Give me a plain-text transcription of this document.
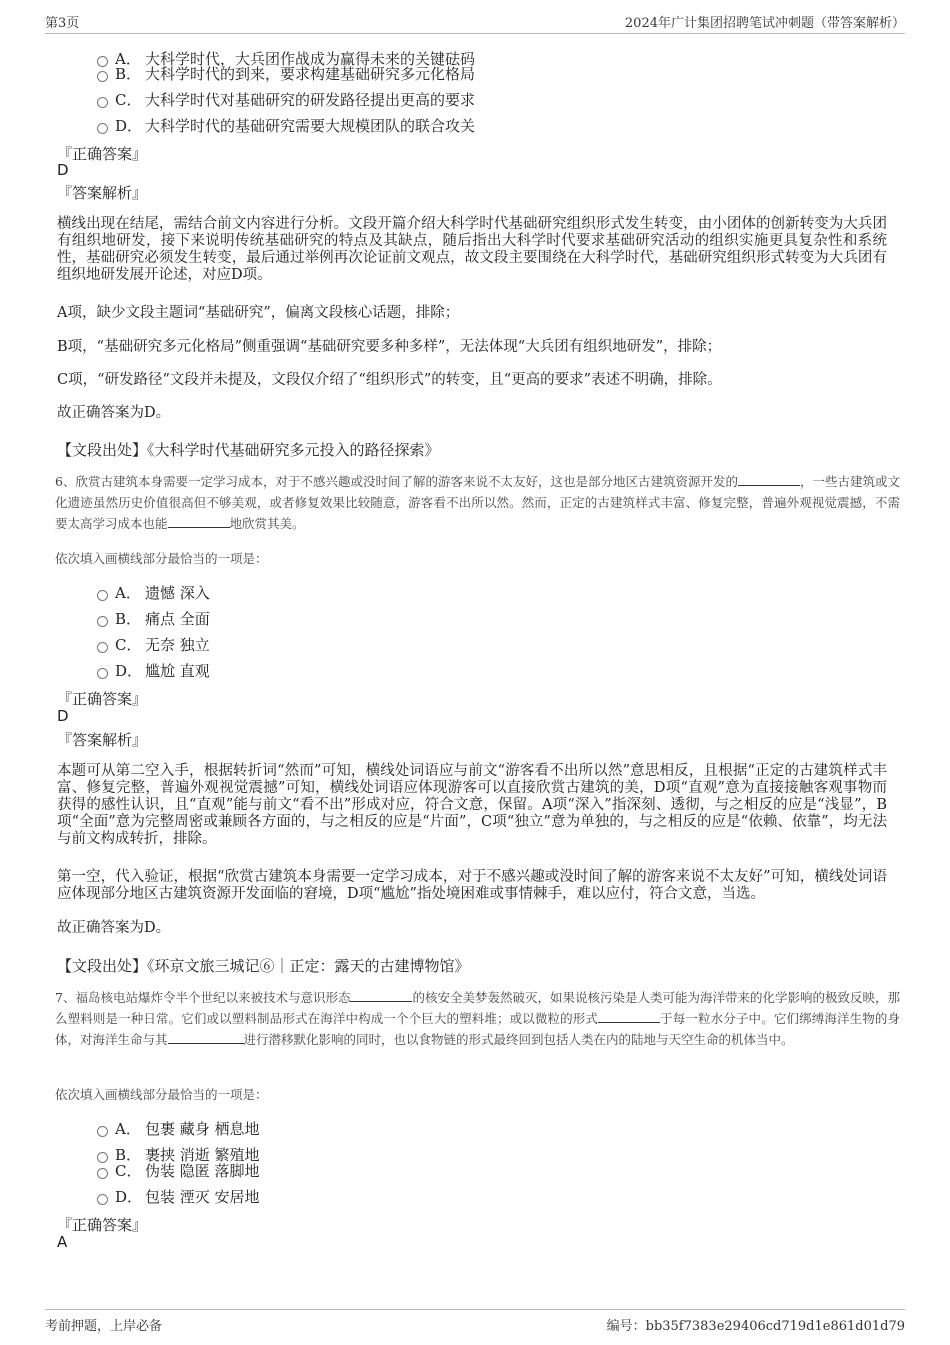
第3页	2024年广计集团招聘笔试冲刺题（带答案解析）
A． 大科学时代，大兵团作战成为赢得未来的关键砝码
B． 大科学时代的到来，要求构建基础研究多元化格局
C． 大科学时代对基础研究的研发路径提出更高的要求
D． 大科学时代的基础研究需要大规模团队的联合攻关
『正确答案』
D
『答案解析』
横线出现在结尾，需结合前文内容进行分析。文段开篇介绍大科学时代基础研究组织形式发生转变，由小团体的创新转变为大兵团有组织地研发，接下来说明传统基础研究的特点及其缺点，随后指出大科学时代要求基础研究活动的组织实施更具复杂性和系统性，基础研究必须发生转变，最后通过举例再次论证前文观点，故文段主要围绕在大科学时代，基础研究组织形式转变为大兵团有组织地研发展开论述，对应D项。
A项，缺少文段主题词“基础研究”，偏离文段核心话题，排除；
B项，“基础研究多元化格局”侧重强调“基础研究要多种多样”，无法体现“大兵团有组织地研发”，排除；
C项，“研发路径”文段并未提及，文段仅介绍了“组织形式”的转变，且“更高的要求”表述不明确，排除。
故正确答案为D。
【文段出处】《大科学时代基础研究多元投入的路径探索》
6、欣赏古建筑本身需要一定学习成本，对于不感兴趣或没时间了解的游客来说不太友好，这也是部分地区古建筑资源开发的	，一些古建筑或文化遗迹虽然历史价值很高但不够美观，或者修复效果比较随意，游客看不出所以然。然而，正定的古建筑样式丰富、修复完整，普遍外观视觉震撼，不需要太高学习成本也能	地欣赏其美。
依次填入画横线部分最恰当的一项是：
A． 遗憾 深入
B． 痛点 全面
C． 无奈 独立
D． 尴尬 直观
『正确答案』
D
『答案解析』
本题可从第二空入手，根据转折词“然而”可知，横线处词语应与前文“游客看不出所以然”意思相反，且根据“正定的古建筑样式丰富、修复完整，普遍外观视觉震撼”可知，横线处词语应体现游客可以直接欣赏古建筑的美，D项“直观”意为直接接触客观事物而获得的感性认识，且“直观”能与前文“看不出”形成对应，符合文意，保留。A项“深入”指深刻、透彻，与之相反的应是“浅显”，B项“全面”意为完整周密或兼顾各方面的，与之相反的应是“片面”，C项“独立”意为单独的，与之相反的应是“依赖、依靠”，均无法与前文构成转折，排除。
第一空，代入验证，根据“欣赏古建筑本身需要一定学习成本，对于不感兴趣或没时间了解的游客来说不太友好”可知，横线处词语应体现部分地区古建筑资源开发面临的窘境，D项“尴尬”指处境困难或事情棘手，难以应付，符合文意，当选。
故正确答案为D。
【文段出处】《环京文旅三城记⑥｜正定：露天的古建博物馆》
7、福岛核电站爆炸令半个世纪以来被技术与意识形态	的核安全美梦轰然破灭，如果说核污染是人类可能为海洋带来的化学影响的极致反映，那么塑料则是一种日常。它们或以塑料制品形式在海洋中构成一个个巨大的塑料堆；或以微粒的形式	于每一粒水分子中。它们绑缚海洋生物的身体，对海洋生命与其	进行潜移默化影响的同时，也以食物链的形式最终回到包括人类在内的陆地与天空生命的机体当中。
依次填入画横线部分最恰当的一项是：
A． 包裹 藏身 栖息地
B． 裹挟 消逝 繁殖地
C． 伪装 隐匿 落脚地
D． 包装 湮灭 安居地
『正确答案』
A
考前押题，上岸必备	编号：bb35f7383e29406cd719d1e861d01d79
